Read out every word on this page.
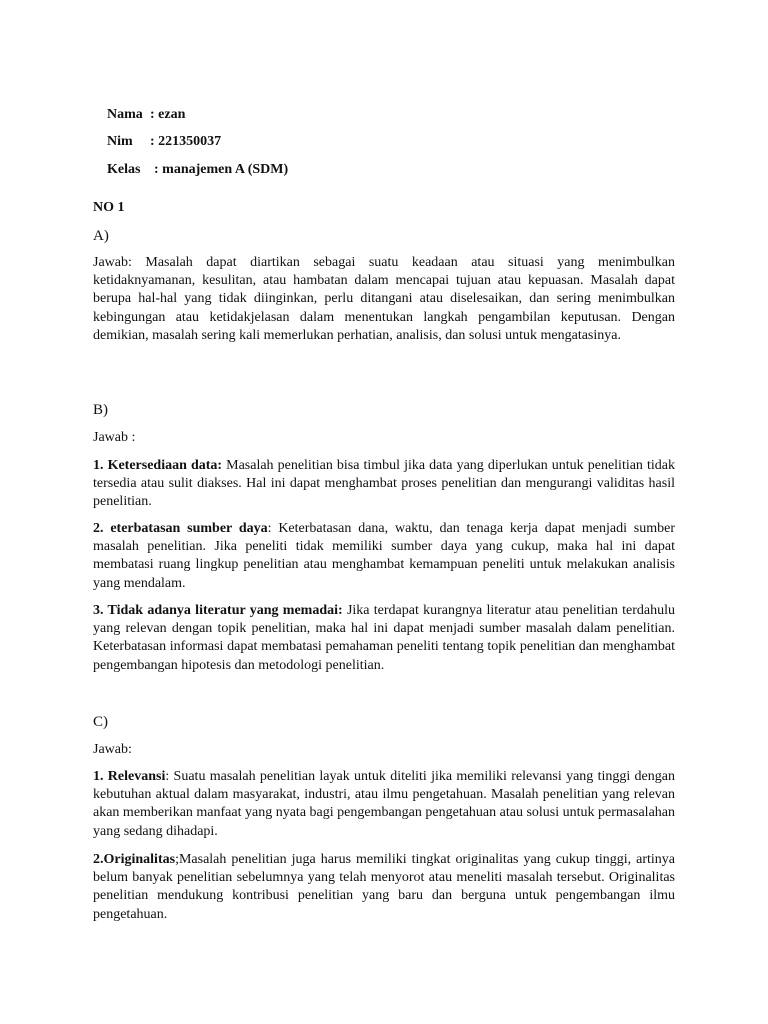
Nama : ezan

Nim : 221350037

Kelas : manajemen A (SDM)

NO 1
A)

Jawab: Masalah dapat diartikan sebagai suatu keadaan atau situasi yang menimbulkan ketidaknyamanan, kesulitan, atau hambatan dalam mencapai tujuan atau kepuasan. Masalah dapat berupa hal-hal yang tidak diinginkan, perlu ditangani atau diselesaikan, dan sering menimbulkan kebingungan atau ketidakjelasan dalam menentukan langkah pengambilan keputusan. Dengan demikian, masalah sering kali memerlukan perhatian, analisis, dan solusi untuk mengatasinya.

B)
Jawab :

1. Ketersediaan data: Masalah penelitian bisa timbul jika data yang diperlukan untuk penelitian tidak tersedia atau sulit diakses. Hal ini dapat menghambat proses penelitian dan mengurangi validitas hasil penelitian.

2. eterbatasan sumber daya: Keterbatasan dana, waktu, dan tenaga kerja dapat menjadi sumber masalah penelitian. Jika peneliti tidak memiliki sumber daya yang cukup, maka hal ini dapat membatasi ruang lingkup penelitian atau menghambat kemampuan peneliti untuk melakukan analisis yang mendalam.

3. Tidak adanya literatur yang memadai: Jika terdapat kurangnya literatur atau penelitian terdahulu yang relevan dengan topik penelitian, maka hal ini dapat menjadi sumber masalah dalam penelitian. Keterbatasan informasi dapat membatasi pemahaman peneliti tentang topik penelitian dan menghambat pengembangan hipotesis dan metodologi penelitian.

C)
Jawab:

1. Relevansi: Suatu masalah penelitian layak untuk diteliti jika memiliki relevansi yang tinggi dengan kebutuhan aktual dalam masyarakat, industri, atau ilmu pengetahuan. Masalah penelitian yang relevan akan memberikan manfaat yang nyata bagi pengembangan pengetahuan atau solusi untuk permasalahan yang sedang dihadapi.

2.Originalitas;Masalah penelitian juga harus memiliki tingkat originalitas yang cukup tinggi, artinya belum banyak penelitian sebelumnya yang telah menyorot atau meneliti masalah tersebut. Originalitas penelitian mendukung kontribusi penelitian yang baru dan berguna untuk pengembangan ilmu pengetahuan.
